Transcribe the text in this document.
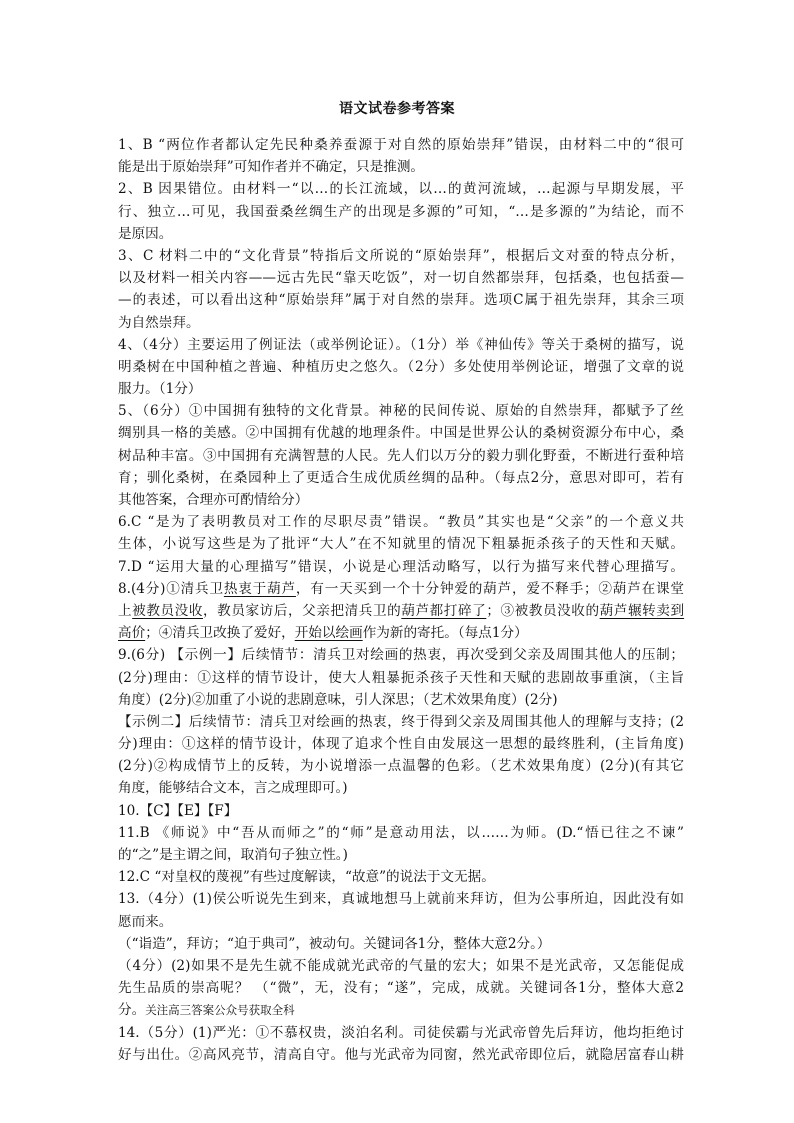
语文试卷参考答案
1、B “两位作者都认定先民种桑养蚕源于对自然的原始崇拜”错误，由材料二中的“很可
能是出于原始崇拜”可知作者并不确定，只是推测。
2、B 因果错位。由材料一“以…的长江流域，以…的黄河流域，…起源与早期发展，平
行、独立…可见，我国蚕桑丝绸生产的出现是多源的”可知，“…是多源的”为结论，而不
是原因。
3、C 材料二中的“文化背景”特指后文所说的“原始崇拜”，根据后文对蚕的特点分析，
以及材料一相关内容——远古先民“靠天吃饭”，对一切自然都崇拜，包括桑，也包括蚕—
—的表述，可以看出这种“原始崇拜”属于对自然的崇拜。选项C属于祖先崇拜，其余三项
为自然崇拜。
4、（4分）主要运用了例证法（或举例论证）。（1分）举《神仙传》等关于桑树的描写，说
明桑树在中国种植之普遍、种植历史之悠久。（2分）多处使用举例论证，增强了文章的说
服力。（1分）
5、（6分）①中国拥有独特的文化背景。神秘的民间传说、原始的自然崇拜，都赋予了丝
绸别具一格的美感。②中国拥有优越的地理条件。中国是世界公认的桑树资源分布中心，桑
树品种丰富。③中国拥有充满智慧的人民。先人们以万分的毅力驯化野蚕，不断进行蚕种培
育；驯化桑树，在桑园种上了更适合生成优质丝绸的品种。（每点2分，意思对即可，若有
其他答案，合理亦可酌情给分）
6.C “是为了表明教员对工作的尽职尽责”错误。“教员”其实也是“父亲”的一个意义共
生体，小说写这些是为了批评“大人”在不知就里的情况下粗暴扼杀孩子的天性和天赋。
7.D “运用大量的心理描写”错误，小说是心理活动略写，以行为描写来代替心理描写。
8.(4分)①清兵卫热衷于葫芦，有一天买到一个十分钟爱的葫芦，爱不释手；②葫芦在课堂
上被教员没收，教员家访后，父亲把清兵卫的葫芦都打碎了；③被教员没收的葫芦辗转卖到
高价；④清兵卫改换了爱好，开始以绘画作为新的寄托。（每点1分）
9.(6分) 【示例一】后续情节：清兵卫对绘画的热衷，再次受到父亲及周围其他人的压制；
(2分)理由：①这样的情节设计，使大人粗暴扼杀孩子天性和天赋的悲剧故事重演，（主旨
角度）(2分)②加重了小说的悲剧意味，引人深思；（艺术效果角度）(2分)
【示例二】后续情节：清兵卫对绘画的热衷，终于得到父亲及周围其他人的理解与支持；(2
分)理由：①这样的情节设计，体现了追求个性自由发展这一思想的最终胜利，(主旨角度)
(2分)②构成情节上的反转，为小说增添一点温馨的色彩。（艺术效果角度）(2分)(有其它
角度，能够结合文本，言之成理即可。)
10.【C】【E】【F】
11.B 《师说》中“吾从而师之”的“师”是意动用法，以……为师。(D.“悟已往之不谏”
的“之”是主谓之间，取消句子独立性。)
12.C “对皇权的蔑视”有些过度解读，“故意”的说法于文无据。
13.（4分）(1)侯公听说先生到来，真诚地想马上就前来拜访，但为公事所迫，因此没有如
愿而来。
（“诣造”，拜访；“迫于典司”，被动句。关键词各1分，整体大意2分。）
（4分）(2)如果不是先生就不能成就光武帝的气量的宏大；如果不是光武帝，又怎能促成
先生品质的崇高呢？ （“微”，无，没有；“遂”，完成，成就。关键词各1分，整体大意2
分。关注高三答案公众号获取全科
14.（5分）(1)严光：①不慕权贵，淡泊名利。司徒侯霸与光武帝曾先后拜访，他均拒绝讨
好与出仕。②高风亮节，清高自守。他与光武帝为同窗，然光武帝即位后，就隐居富春山耕
